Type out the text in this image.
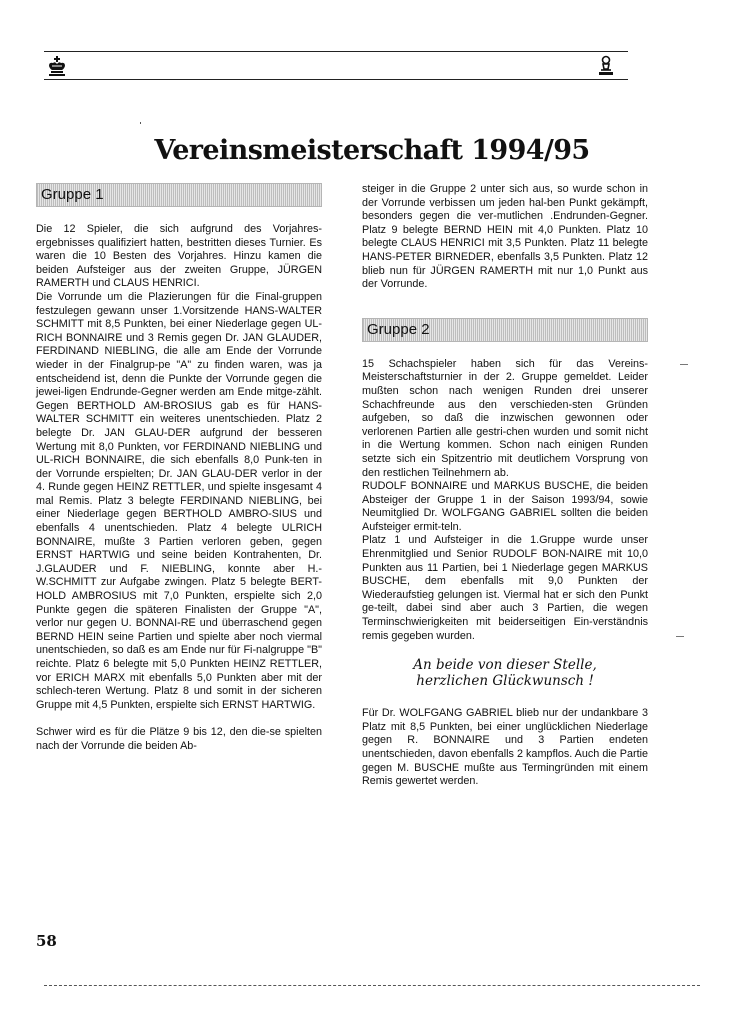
Vereinsmeisterschaft 1994/95
Gruppe 1

Die 12 Spieler, die sich aufgrund des Vorjahres-ergebnisses qualifiziert hatten, bestritten dieses Turnier. Es waren die 10 Besten des Vorjahres. Hinzu kamen die beiden Aufsteiger aus der zweiten Gruppe, JÜRGEN RAMERTH und CLAUS HENRICI.

Die Vorrunde um die Plazierungen für die Final-gruppen festzulegen gewann unser 1.Vorsitzende HANS-WALTER SCHMITT mit 8,5 Punkten, bei einer Niederlage gegen UL-RICH BONNAIRE und 3 Remis gegen Dr. JAN GLAUDER, FERDINAND NIEBLING, die alle am Ende der Vorrunde wieder in der Finalgrup-pe "A" zu finden waren, was ja entscheidend ist, denn die Punkte der Vorrunde gegen die jewei-ligen Endrunde-Gegner werden am Ende mitge-zählt. Gegen BERTHOLD AM-BROSIUS gab es für HANS-WALTER SCHMITT ein weiteres unentschieden. Platz 2 belegte Dr. JAN GLAU-DER aufgrund der besseren Wertung mit 8,0 Punkten, vor FERDINAND NIEBLING und UL-RICH BONNAIRE, die sich ebenfalls 8,0 Punk-ten in der Vorrunde erspielten; Dr. JAN GLAU-DER verlor in der 4. Runde gegen HEINZ RETTLER, und spielte insgesamt 4 mal Remis. Platz 3 belegte FERDINAND NIEBLING, bei einer Niederlage gegen BERTHOLD AMBRO-SIUS und ebenfalls 4 unentschieden. Platz 4 belegte ULRICH BONNAIRE, mußte 3 Partien verloren geben, gegen ERNST HARTWIG und seine beiden Kontrahenten, Dr. J.GLAUDER und F. NIEBLING, konnte aber H.-W.SCHMITT zur Aufgabe zwingen. Platz 5 belegte BERT-HOLD AMBROSIUS mit 7,0 Punkten, erspielte sich 2,0 Punkte gegen die späteren Finalisten der Gruppe "A", verlor nur gegen U. BONNAI-RE und überraschend gegen BERND HEIN seine Partien und spielte aber noch viermal unentschieden, so daß es am Ende nur für Fi-nalgruppe "B" reichte. Platz 6 belegte mit 5,0 Punkten HEINZ RETTLER, vor ERICH MARX mit ebenfalls 5,0 Punkten aber mit der schlech-teren Wertung. Platz 8 und somit in der sicheren Gruppe mit 4,5 Punkten, erspielte sich ERNST HARTWIG.

Schwer wird es für die Plätze 9 bis 12, den die-se spielten nach der Vorrunde die beiden Ab-

steiger in die Gruppe 2 unter sich aus, so wurde schon in der Vorrunde verbissen um jeden hal-ben Punkt gekämpft, besonders gegen die ver-mutlichen .Endrunden-Gegner. Platz 9 belegte BERND HEIN mit 4,0 Punkten. Platz 10 belegte CLAUS HENRICI mit 3,5 Punkten. Platz 11 belegte HANS-PETER BIRNEDER, ebenfalls 3,5 Punkten. Platz 12 blieb nun für JÜRGEN RAMERTH mit nur 1,0 Punkt aus der Vorrunde.

Gruppe 2

15 Schachspieler haben sich für das Vereins-Meisterschaftsturnier in der 2. Gruppe gemeldet. Leider mußten schon nach wenigen Runden drei unserer Schachfreunde aus den verschieden-sten Gründen aufgeben, so daß die inzwischen gewonnen oder verlorenen Partien alle gestri-chen wurden und somit nicht in die Wertung kommen. Schon nach einigen Runden setzte sich ein Spitzentrio mit deutlichem Vorsprung von den restlichen Teilnehmern ab.

RUDOLF BONNAIRE und MARKUS BUSCHE, die beiden Absteiger der Gruppe 1 in der Saison 1993/94, sowie Neumitglied Dr. WOLFGANG GABRIEL sollten die beiden Aufsteiger ermit-teln.

Platz 1 und Aufsteiger in die 1.Gruppe wurde unser Ehrenmitglied und Senior RUDOLF BON-NAIRE mit 10,0 Punkten aus 11 Partien, bei 1 Niederlage gegen MARKUS BUSCHE, dem ebenfalls mit 9,0 Punkten der Wiederaufstieg gelungen ist. Viermal hat er sich den Punkt ge-teilt, dabei sind aber auch 3 Partien, die wegen Terminschwierigkeiten mit beiderseitigen Ein-verständnis remis gegeben wurden.

An beide von dieser Stelle,
herzlichen Glückwunsch !

Für Dr. WOLFGANG GABRIEL blieb nur der undankbare 3 Platz mit 8,5 Punkten, bei einer unglücklichen Niederlage gegen R. BONNAIRE und 3 Partien endeten unentschieden, davon ebenfalls 2 kampflos. Auch die Partie gegen M. BUSCHE mußte aus Termingründen mit einem Remis gewertet werden.

58
